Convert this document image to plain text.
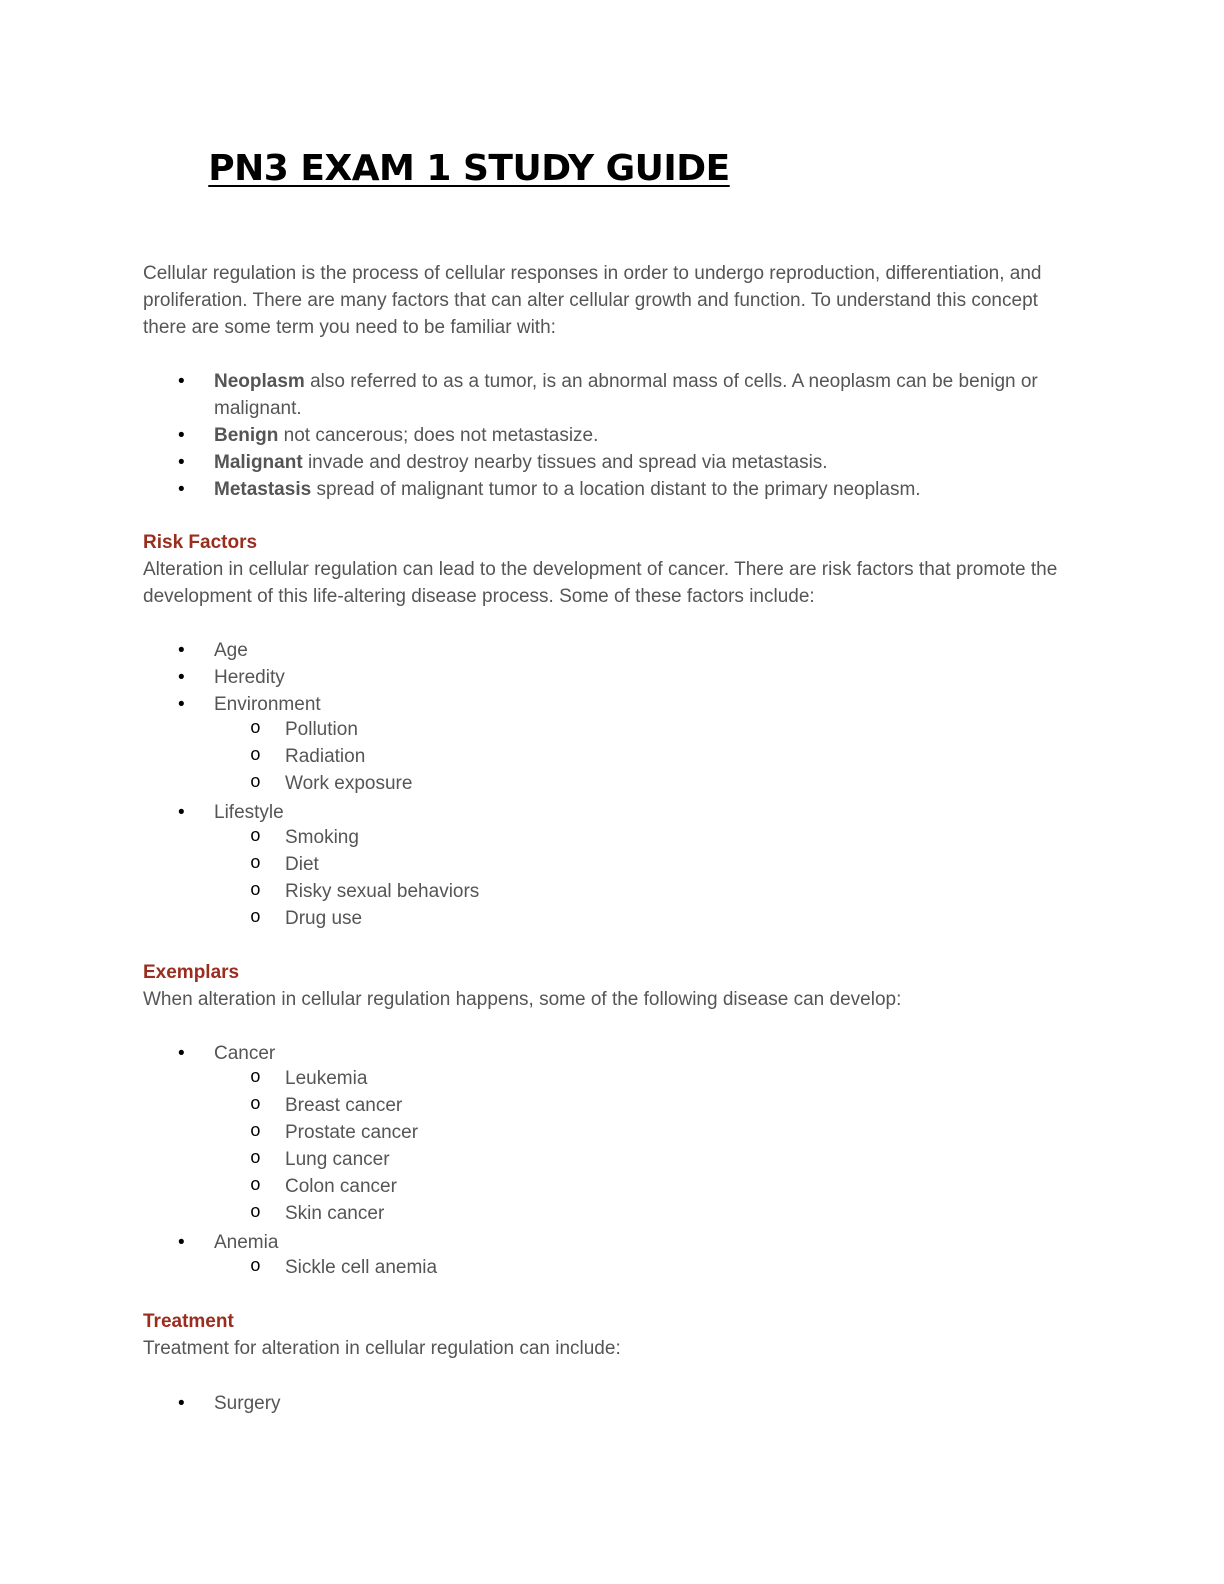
PN3 EXAM 1 STUDY GUIDE

Cellular regulation is the process of cellular responses in order to undergo reproduction, differentiation, and proliferation. There are many factors that can alter cellular growth and function. To understand this concept there are some term you need to be familiar with:

• Neoplasm also referred to as a tumor, is an abnormal mass of cells. A neoplasm can be benign or malignant.
• Benign not cancerous; does not metastasize.
• Malignant invade and destroy nearby tissues and spread via metastasis.
• Metastasis spread of malignant tumor to a location distant to the primary neoplasm.
Risk Factors

Alteration in cellular regulation can lead to the development of cancer. There are risk factors that promote the development of this life-altering disease process. Some of these factors include:

• Age
• Heredity
• Environment
o Pollution
o Radiation
o Work exposure
• Lifestyle
o Smoking
o Diet
o Risky sexual behaviors
o Drug use
Exemplars

When alteration in cellular regulation happens, some of the following disease can develop:

• Cancer
o Leukemia
o Breast cancer
o Prostate cancer
o Lung cancer
o Colon cancer
o Skin cancer
• Anemia
o Sickle cell anemia
Treatment

Treatment for alteration in cellular regulation can include:

• Surgery
